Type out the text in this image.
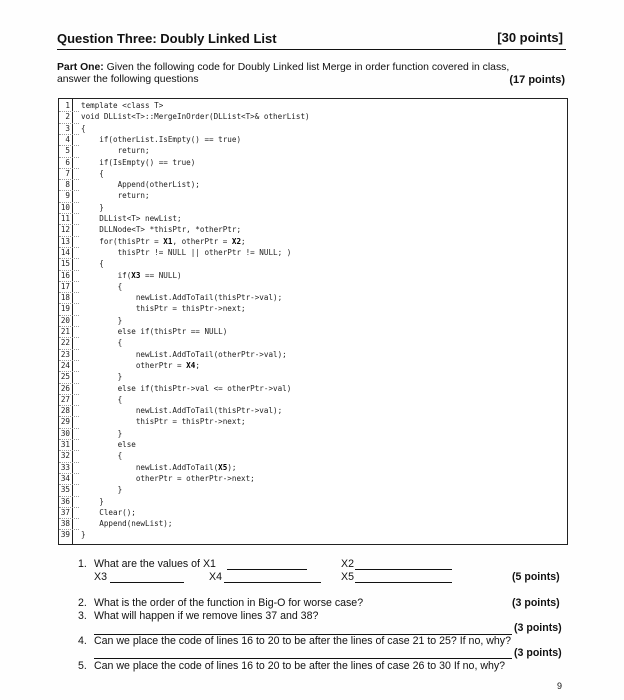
Question Three: Doubly Linked List	[30 points]
Part One: Given the following code for Doubly Linked list Merge in order function covered in class,
answer the following questions	(17 points)
1 template <class T>
2 void DLList<T>::MergeInOrder(DLList<T>& otherList)
3 {
4 if(otherList.IsEmpty() == true)
5 return;
6 if(IsEmpty() == true)
7 {
8 Append(otherList);
9 return;
10 }
11 DLList<T> newList;
12 DLLNode<T> *thisPtr, *otherPtr;
13 for(thisPtr = X1, otherPtr = X2;
14 thisPtr != NULL || otherPtr != NULL; )
15 {
16 if(X3 == NULL)
17 {
18 newList.AddToTail(thisPtr->val);
19 thisPtr = thisPtr->next;
20 }
21 else if(thisPtr == NULL)
22 {
23 newList.AddToTail(otherPtr->val);
24 otherPtr = X4;
25 }
26 else if(thisPtr->val <= otherPtr->val)
27 {
28 newList.AddToTail(thisPtr->val);
29 thisPtr = thisPtr->next;
30 }
31 else
32 {
33 newList.AddToTail(X5);
34 otherPtr = otherPtr->next;
35 }
36 }
37 Clear();
38 Append(newList);
39 }
1. What are the values of X1	X2
X3	X4	X5	(5 points)
2. What is the order of the function in Big-O for worse case?	(3 points)
3. What will happen if we remove lines 37 and 38?
(3 points)
4. Can we place the code of lines 16 to 20 to be after the lines of case 21 to 25? If no, why?
(3 points)
5. Can we place the code of lines 16 to 20 to be after the lines of case 26 to 30 If no, why?
9
